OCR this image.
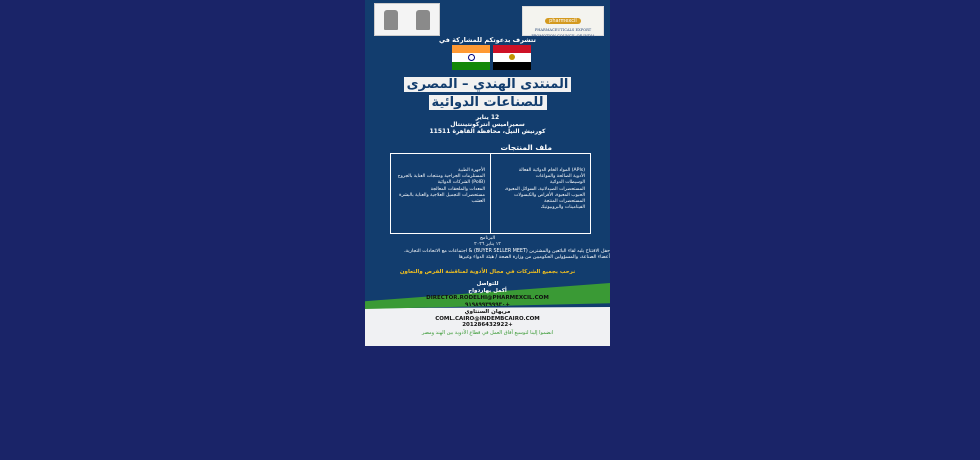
pharmexcil
PHARMACEUTICALS EXPORT
PROMOTION COUNCIL OF INDIA
تتشرف بدعوتكم للمشاركة في
المنتدى الهندي – المصرى
للصناعات الدوائية
12 يناير
سميراميس انتركونتيننتال
كورنيش النيل، محافظة القاهرة 11511
ملف المنتجات
(APIs) المواد الخام الدوائية الفعالة
الأدوية الصالحة والمواعات
الوسيطات الدوائية
المستحضرات الصيدلانية، السوائل المعبوة،
الحبوب المعبوة، الأقراص والكبسولات
المستحضرات المنتجة
الفيتامينات والبروبيوتيك
الأجهزة الطبية
المستلزمات الجراحية ومنتجات العناية بالجروح
(PoIB) الشركات الدوائية
المعدات والملحقات المعالجة
مستحضرات التجميل العلاجية والعناية بالبشرة
العشب
البرنامج
١٢ يناير ٢٠٢٦
حفل الافتتاح يليه لقاء البائعين والمشترين (BUYER SELLER MEET) & اجتماعات مع الاتحادات التجارية،
أعضاء الصناعة، والمسؤولين الحكوميين من وزارة الصحة / هيئة الدواء وغيرها
نرحب بجميع الشركات في مجال الأدوية لمناقشة الفرص والتعاون
للتواصل
أكمل بهاردواج
DIRECTOR.RODELHI@PHARMEXCIL.COM
+٩١٩٨٩٩٣٩٩٩٣٠
مريهان السنتاوي
COML.CAIRO@INDEMBCAIRO.COM
+201286432922
انضموا إلينا لتوسيع آفاق العمل في قطاع الأدوية بين الهند ومصر
